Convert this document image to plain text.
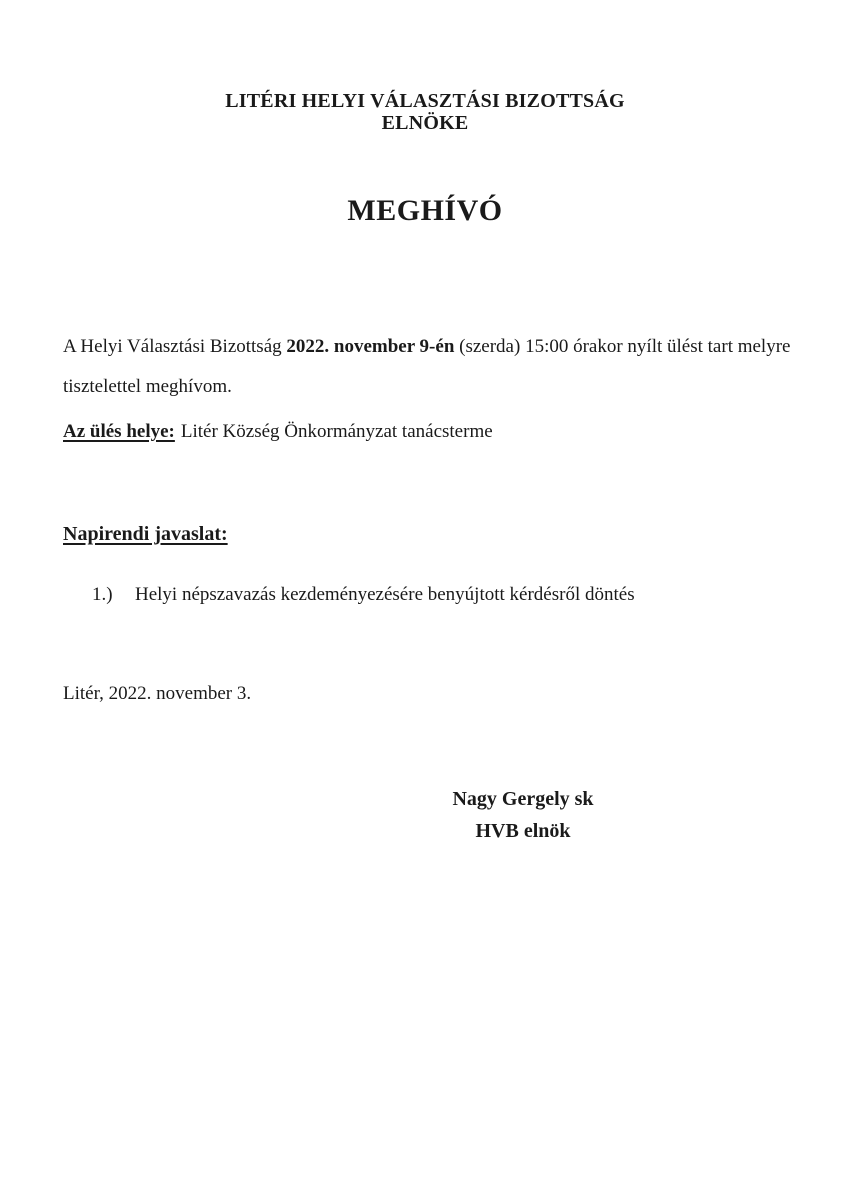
LITÉRI HELYI VÁLASZTÁSI BIZOTTSÁG
ELNÖKE
MEGHÍVÓ
A Helyi Választási Bizottság 2022. november 9-én (szerda) 15:00 órakor nyílt ülést tart melyre
tisztelettel meghívom.
Az ülés helye: Litér Község Önkormányzat tanácsterme
Napirendi javaslat:
1.) Helyi népszavazás kezdeményezésére benyújtott kérdésről döntés
Litér, 2022. november 3.
Nagy Gergely sk
HVB elnök
